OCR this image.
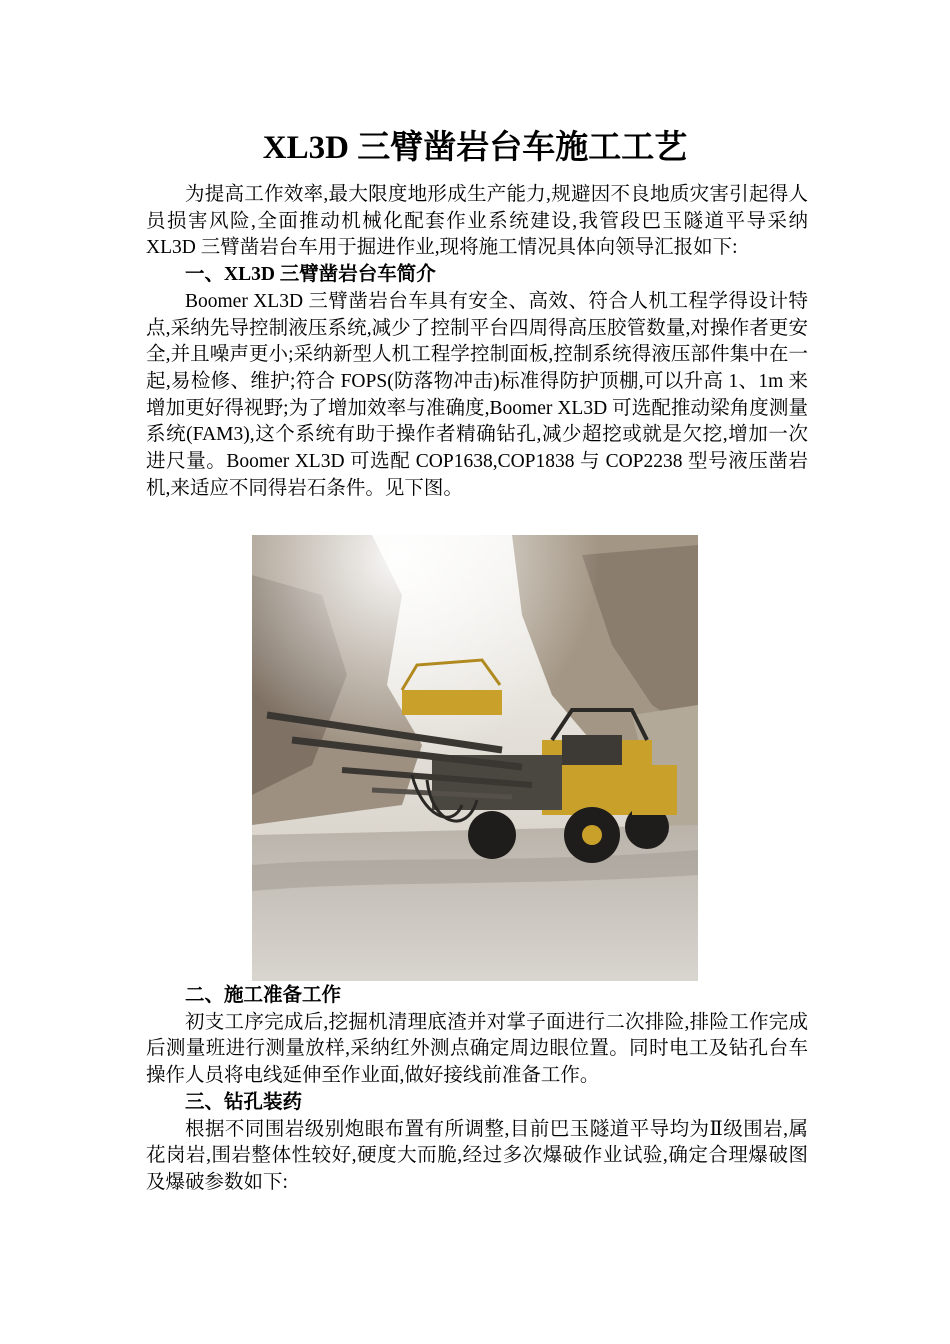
XL3D 三臂凿岩台车施工工艺

为提高工作效率,最大限度地形成生产能力,规避因不良地质灾害引起得人员损害风险,全面推动机械化配套作业系统建设,我管段巴玉隧道平导采纳 XL3D 三臂凿岩台车用于掘进作业,现将施工情况具体向领导汇报如下:

一、XL3D 三臂凿岩台车简介

Boomer XL3D 三臂凿岩台车具有安全、高效、符合人机工程学得设计特点,采纳先导控制液压系统,减少了控制平台四周得高压胶管数量,对操作者更安全,并且噪声更小;采纳新型人机工程学控制面板,控制系统得液压部件集中在一起,易检修、维护;符合 FOPS(防落物冲击)标准得防护顶棚,可以升高 1、1m 来增加更好得视野;为了增加效率与准确度,Boomer XL3D 可选配推动梁角度测量系统(FAM3),这个系统有助于操作者精确钻孔,减少超挖或就是欠挖,增加一次进尺量。Boomer XL3D 可选配 COP1638,COP1838 与 COP2238 型号液压凿岩机,来适应不同得岩石条件。见下图。

二、施工准备工作

初支工序完成后,挖掘机清理底渣并对掌子面进行二次排险,排险工作完成后测量班进行测量放样,采纳红外测点确定周边眼位置。同时电工及钻孔台车操作人员将电线延伸至作业面,做好接线前准备工作。

三、钻孔装药

根据不同围岩级别炮眼布置有所调整,目前巴玉隧道平导均为Ⅱ级围岩,属花岗岩,围岩整体性较好,硬度大而脆,经过多次爆破作业试验,确定合理爆破图及爆破参数如下:
